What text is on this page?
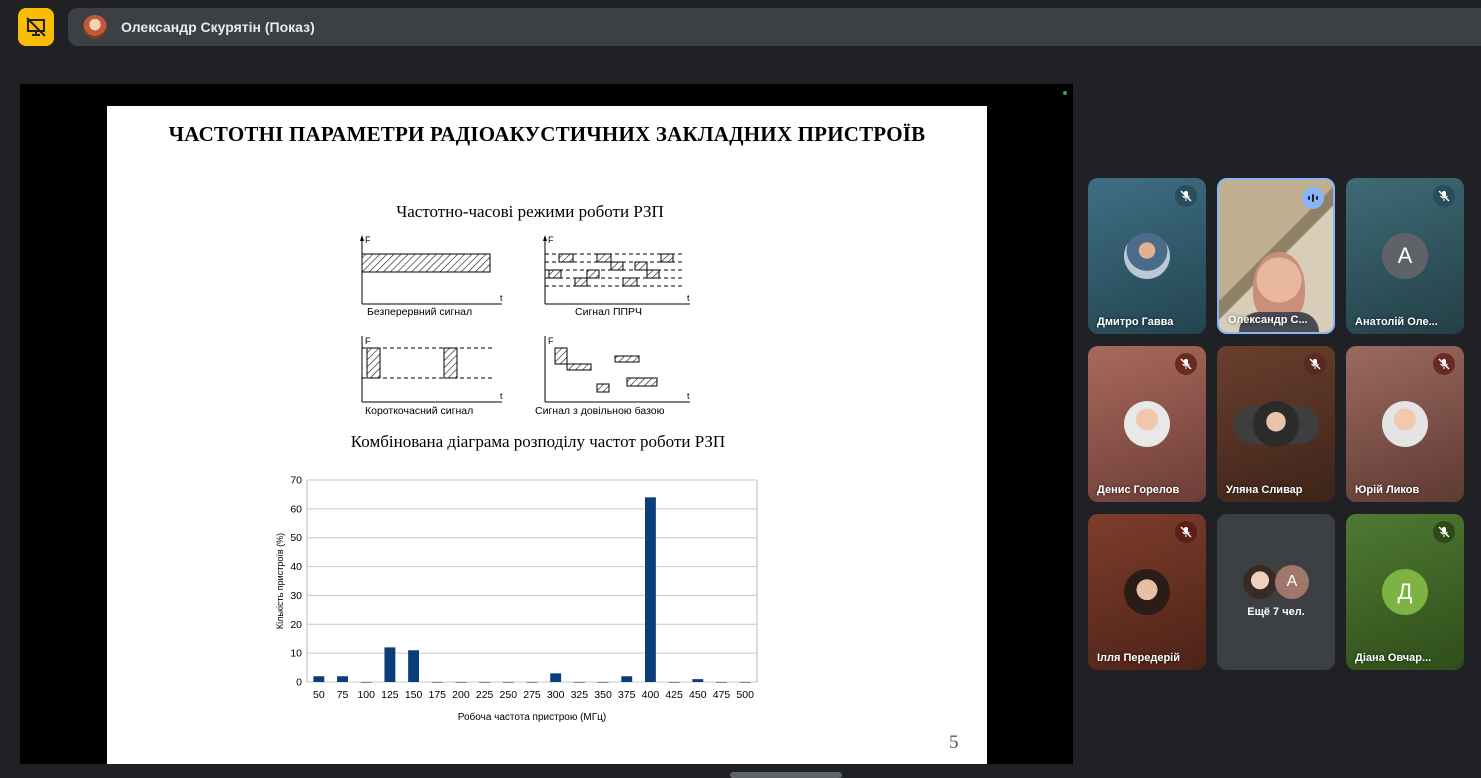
Олександр Скурятін (Показ)
ЧАСТОТНІ ПАРАМЕТРИ РАДІОАКУСТИЧНИХ ЗАКЛАДНИХ ПРИСТРОЇВ
Частотно-часові режими роботи РЗП
F
t
Безперервний сигнал
F
t
Сигнал ППРЧ
F
t
Короткочасний сигнал
F
t
Сигнал з довільною базою
Комбінована діаграма розподілу частот роботи РЗП
0
10
20
30
40
50
60
70
50 75 100 125 150 175 200 225 250 275 300 325 350 375 400 425 450 475 500
Робоча частота пристрою (МГц)
Кількість пристроїв (%)
5
Дмитро Гавва	Олександр С...
А
Анатолій Оле...
Денис Горелов	Уляна Сливар	Юрій Ликов
Ілля Передерій
А
Ещё 7 чел.
Д
Діана Овчар...
